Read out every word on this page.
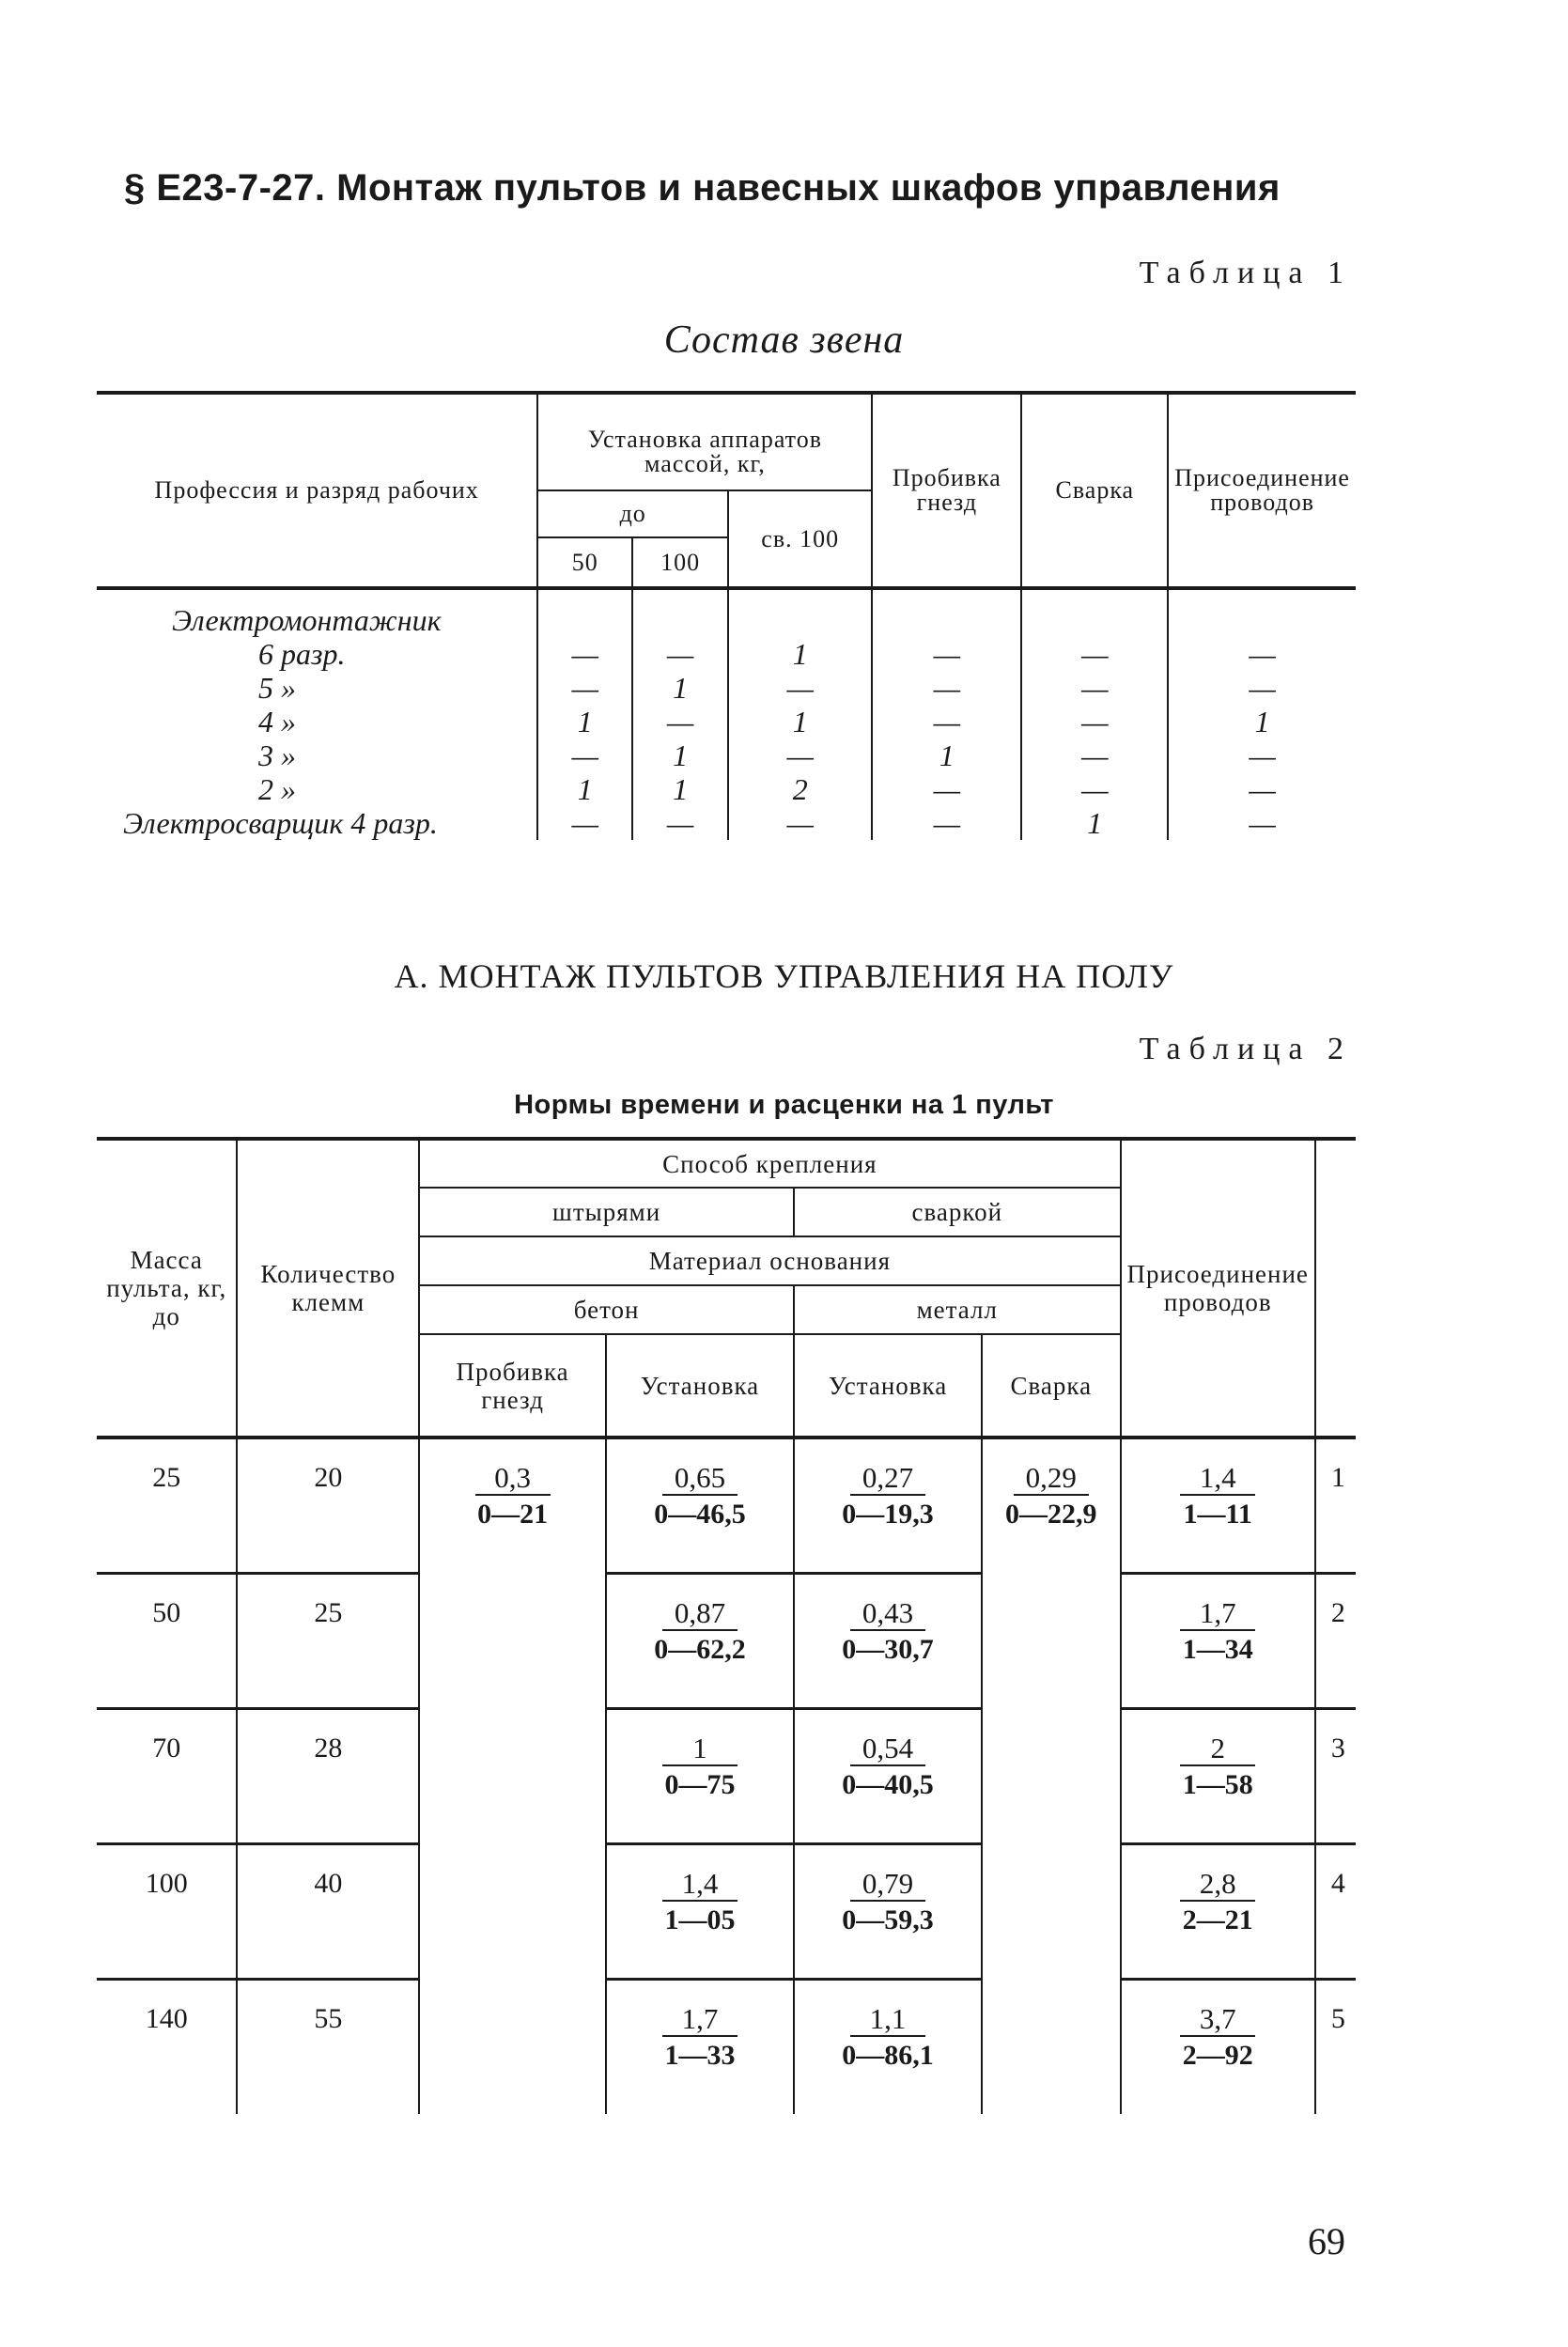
§ Е23-7-27. Монтаж пультов и навесных шкафов управления
Таблица 1
Состав звена
Профессия и разряд рабочих	Установка аппаратов массой, кг,			Пробивка гнезд	Сварка	Присоединение проводов
	до		св. 100			
	50	100				
Электромонтажник						
6 разр.	—	—	1	—	—	—
5 »	—	1	—	—	—	—
4 »	1	—	1	—	—	1
3 »	—	1	—	1	—	—
2 »	1	1	2	—	—	—
Электросварщик 4 разр.	—	—	—	—	1	—
А. МОНТАЖ ПУЛЬТОВ УПРАВЛЕНИЯ НА ПОЛУ
Таблица 2
Нормы времени и расценки на 1 пульт
Масса пульта, кг, до	Количество клемм	Способ крепления				Присоединение проводов	
		штырями		сваркой			
		Материал основания					
		бетон		металл			
		Пробивка гнезд	Установка	Установка	Сварка		
25	20	$\frac{0,3}{0—21}$	$\frac{0,65}{0—46,5}$	$\frac{0,27}{0—19,3}$	$\frac{0,29}{0—22,9}$	$\frac{1,4}{1—11}$	1
50	25		$\frac{0,87}{0—62,2}$	$\frac{0,43}{0—30,7}$		$\frac{1,7}{1—34}$	2
70	28		$\frac{1}{0—75}$	$\frac{0,54}{0—40,5}$		$\frac{2}{1—58}$	3
100	40		$\frac{1,4}{1—05}$	$\frac{0,79}{0—59,3}$		$\frac{2,8}{2—21}$	4
140	55		$\frac{1,7}{1—33}$	$\frac{1,1}{0—86,1}$		$\frac{3,7}{2—92}$	5
69
